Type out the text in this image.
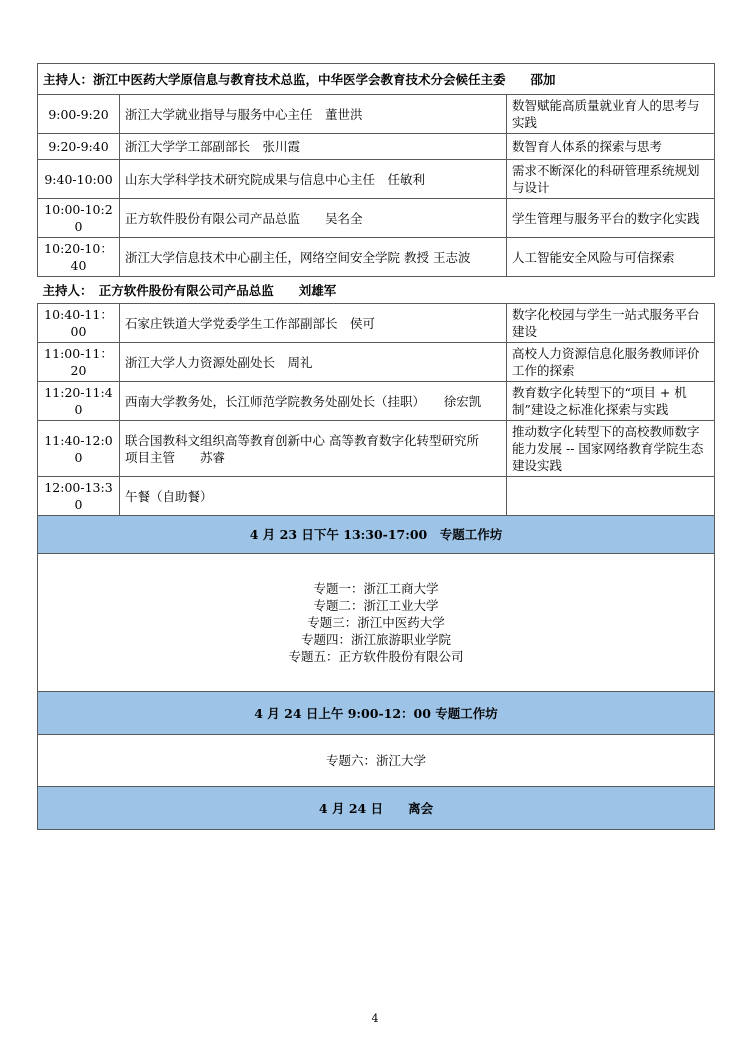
主持人：浙江中医药大学原信息与教育技术总监，中华医学会教育技术分会候任主委　　邵加		
9:00-9:20	浙江大学就业指导与服务中心主任　董世洪	数智赋能高质量就业育人的思考与实践
9:20-9:40	浙江大学学工部副部长　张川霞	数智育人体系的探索与思考
9:40-10:00	山东大学科学技术研究院成果与信息中心主任　任敏利	需求不断深化的科研管理系统规划与设计
10:00-10:20	正方软件股份有限公司产品总监　　吴名全	学生管理与服务平台的数字化实践
10:20-10：40	浙江大学信息技术中心副主任，网络空间安全学院 教授 王志波	人工智能安全风险与可信探索
主持人：　正方软件股份有限公司产品总监　　刘雄军		
10:40-11：00	石家庄铁道大学党委学生工作部副部长　侯可	数字化校园与学生一站式服务平台建设
11:00-11：20	浙江大学人力资源处副处长　周礼	高校人力资源信息化服务教师评价工作的探索
11:20-11:40	西南大学教务处，长江师范学院教务处副处长（挂职）　　徐宏凯	教育数字化转型下的“项目 + 机制”建设之标准化探索与实践
11:40-12:00	联合国教科文组织高等教育创新中心 高等教育数字化转型研究所　项目主管　　苏睿	推动数字化转型下的高校教师数字能力发展 -- 国家网络教育学院生态建设实践
12:00-13:30	午餐（自助餐）	
4 月 23 日下午 13:30-17:00　专题工作坊		

专题一：浙江工商大学
专题二：浙江工业大学
专题三：浙江中医药大学
专题四：浙江旅游职业学院
专题五：正方软件股份有限公司		

4 月 24 日上午 9:00-12：00 专题工作坊		

专题六：浙江大学		

4 月 24 日　　离会		
4
